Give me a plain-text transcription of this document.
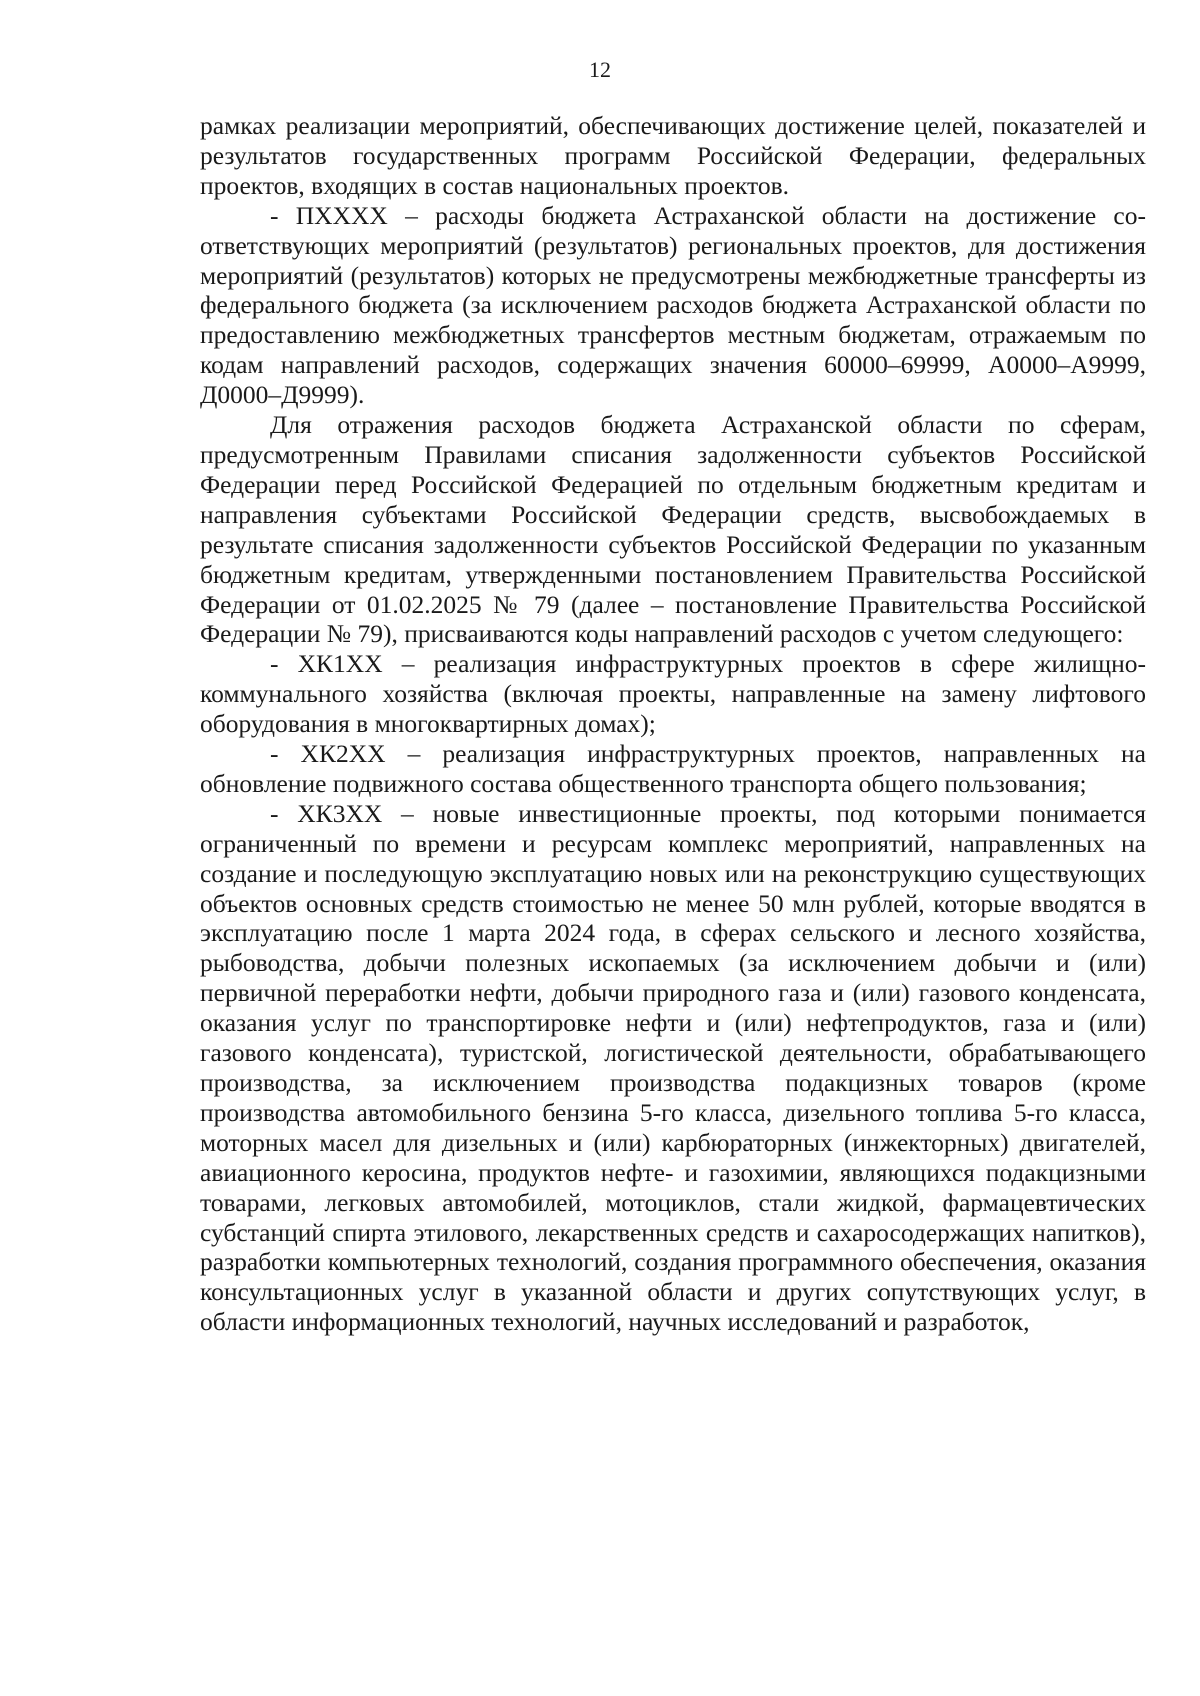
12

рамках реализации мероприятий, обеспечивающих достижение целей, показателей и результатов государственных программ Российской Федерации, федеральных проектов, входящих в состав национальных проектов.

- ПXXXX – расходы бюджета Астраханской области на достижение соответствующих мероприятий (результатов) региональных проектов, для достижения мероприятий (результатов) которых не предусмотрены межбюджетные трансферты из федерального бюджета (за исключением расходов бюджета Астраханской области по предоставлению межбюджетных трансфертов местным бюджетам, отражаемым по кодам направлений расходов, содержащих значения 60000–69999, А0000–А9999, Д0000–Д9999).

Для отражения расходов бюджета Астраханской области по сферам, предусмотренным Правилами списания задолженности субъектов Российской Федерации перед Российской Федерацией по отдельным бюджетным кредитам и направления субъектами Российской Федерации средств, высвобождаемых в результате списания задолженности субъектов Российской Федерации по указанным бюджетным кредитам, утвержденными постановлением Правительства Российской Федерации от 01.02.2025 № 79 (далее – постановление Правительства Российской Федерации № 79), присваиваются коды направлений расходов с учетом следующего:

- XК1XX – реализация инфраструктурных проектов в сфере жилищно-коммунального хозяйства (включая проекты, направленные на замену лифтового оборудования в многоквартирных домах);

- XК2XX – реализация инфраструктурных проектов, направленных на обновление подвижного состава общественного транспорта общего пользования;

- XК3XX – новые инвестиционные проекты, под которыми понимается ограниченный по времени и ресурсам комплекс мероприятий, направленных на создание и последующую эксплуатацию новых или на реконструкцию существующих объектов основных средств стоимостью не менее 50 млн рублей, которые вводятся в эксплуатацию после 1 марта 2024 года, в сферах сельского и лесного хозяйства, рыбоводства, добычи полезных ископаемых (за исключением добычи и (или) первичной переработки нефти, добычи природного газа и (или) газового конденсата, оказания услуг по транспортировке нефти и (или) нефтепродуктов, газа и (или) газового конденсата), туристской, логистической деятельности, обрабатывающего производства, за исключением производства подакцизных товаров (кроме производства автомобильного бензина 5-го класса, дизельного топлива 5-го класса, моторных масел для дизельных и (или) карбюраторных (инжекторных) двигателей, авиационного керосина, продуктов нефте- и газохимии, являющихся подакцизными товарами, легковых автомобилей, мотоциклов, стали жидкой, фармацевтических субстанций спирта этилового, лекарственных средств и сахаросодержащих напитков), разработки компьютерных технологий, создания программного обеспечения, оказания консультационных услуг в указанной области и других сопутствующих услуг, в области информационных технологий, научных исследований и разработок,
